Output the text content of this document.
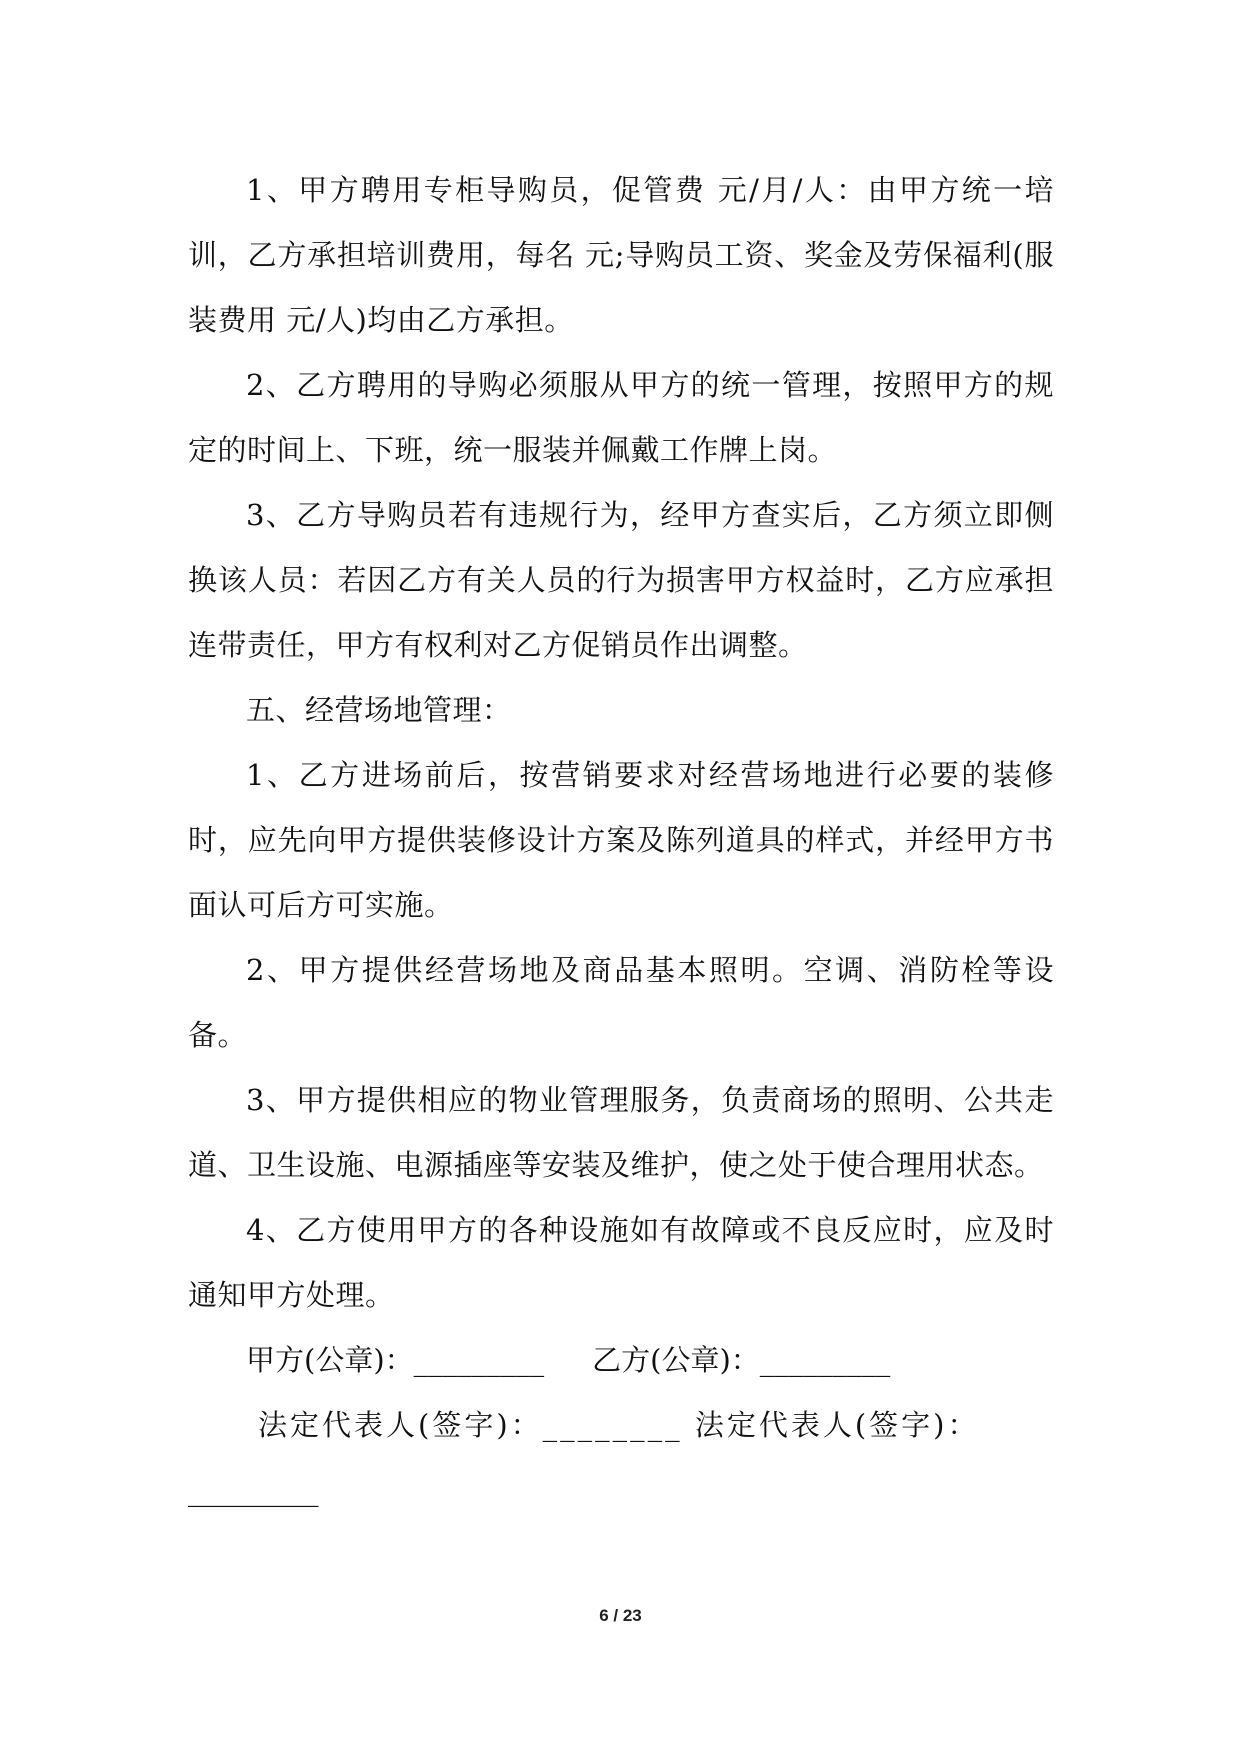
1、甲方聘用专柜导购员，促管费 元/月/人：由甲方统一培训，乙方承担培训费用，每名 元;导购员工资、奖金及劳保福利(服装费用 元/人)均由乙方承担。

2、乙方聘用的导购必须服从甲方的统一管理，按照甲方的规定的时间上、下班，统一服装并佩戴工作牌上岗。

3、乙方导购员若有违规行为，经甲方查实后，乙方须立即侧换该人员：若因乙方有关人员的行为损害甲方权益时，乙方应承担连带责任，甲方有权利对乙方促销员作出调整。

五、经营场地管理：

1、乙方进场前后，按营销要求对经营场地进行必要的装修时，应先向甲方提供装修设计方案及陈列道具的样式，并经甲方书面认可后方可实施。

2、甲方提供经营场地及商品基本照明。空调、消防栓等设备。

3、甲方提供相应的物业管理服务，负责商场的照明、公共走道、卫生设施、电源插座等安装及维护，使之处于使合理用状态。

4、乙方使用甲方的各种设施如有故障或不良反应时，应及时通知甲方处理。

甲方(公章)：_________ 乙方(公章)：_________

法定代表人(签字)：________ 法定代表人(签字)：

_________

6 / 23
